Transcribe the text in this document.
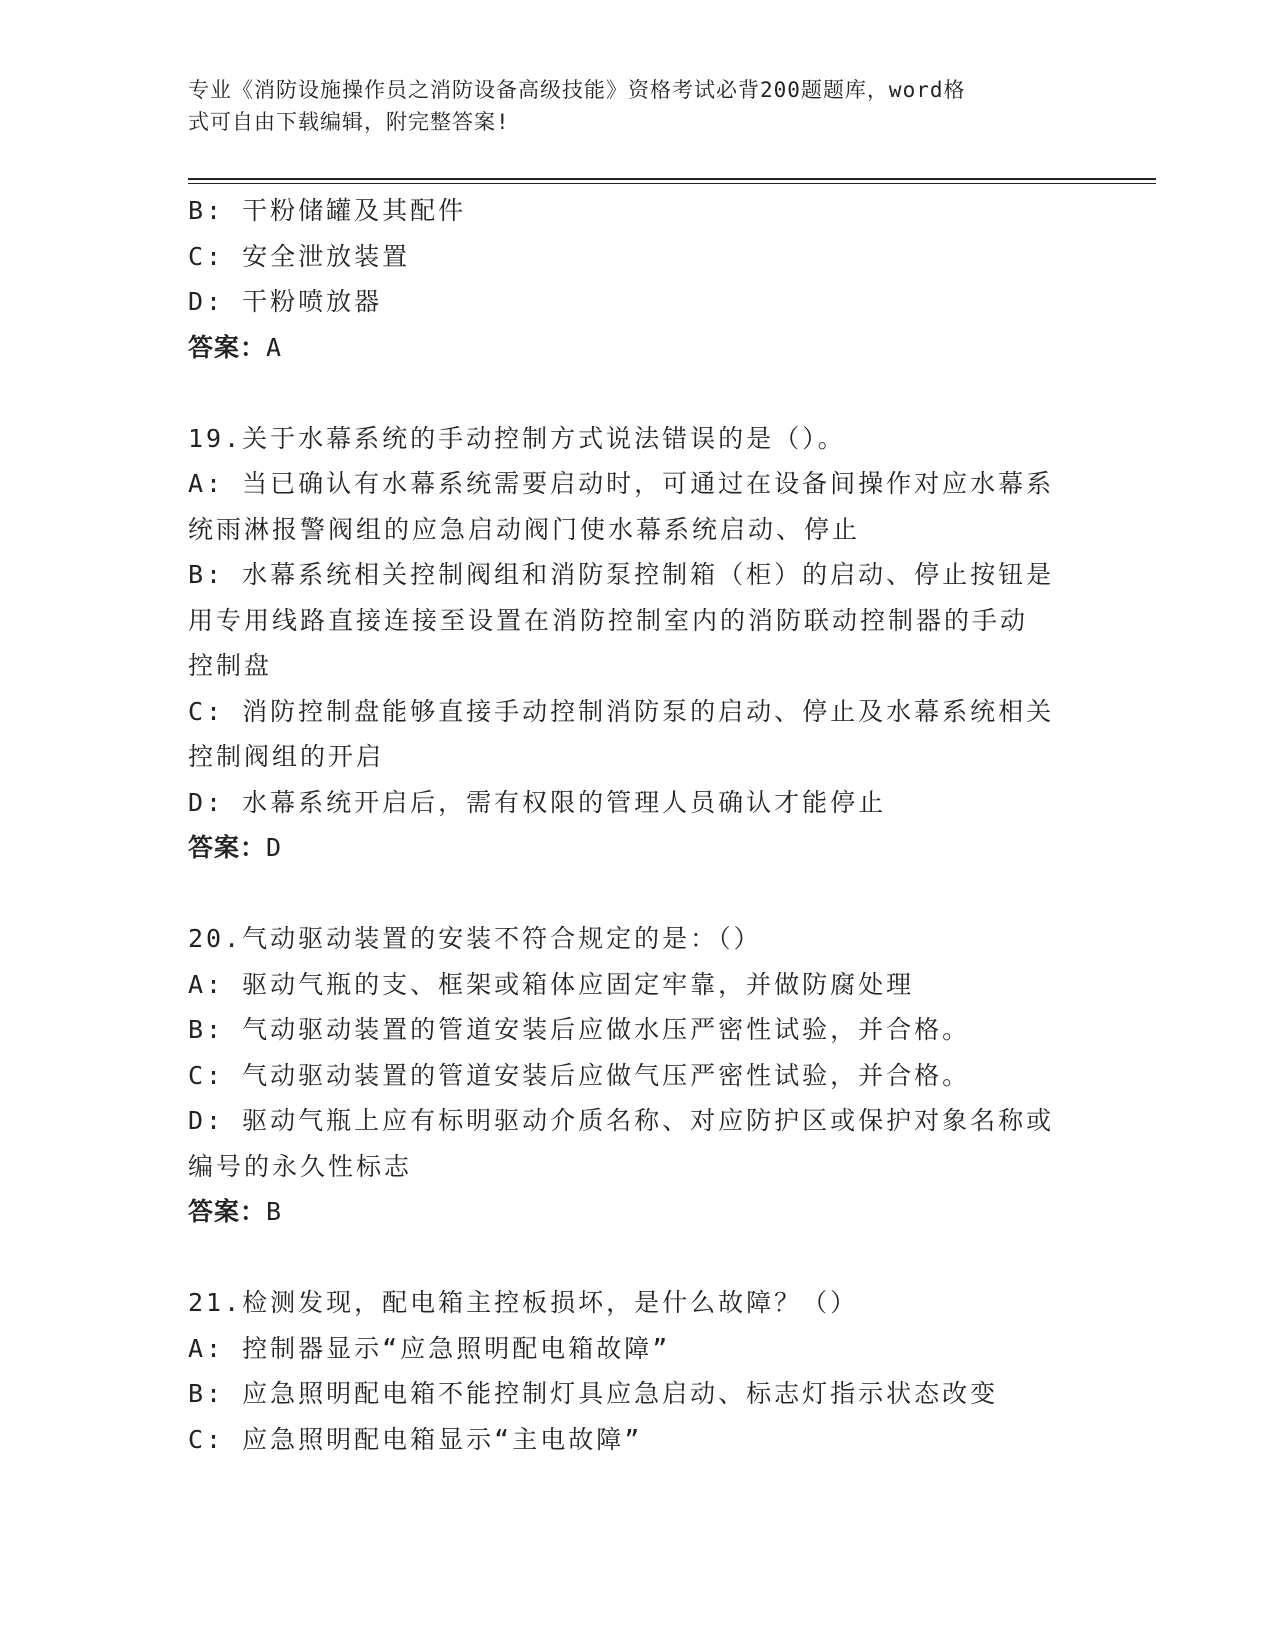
专业《消防设施操作员之消防设备高级技能》资格考试必背200题题库，word格
式可自由下载编辑，附完整答案!
B: 干粉储罐及其配件
C: 安全泄放装置
D: 干粉喷放器
答案：A
19.关于水幕系统的手动控制方式说法错误的是（）。
A: 当已确认有水幕系统需要启动时，可通过在设备间操作对应水幕系
统雨淋报警阀组的应急启动阀门使水幕系统启动、停止
B: 水幕系统相关控制阀组和消防泵控制箱（柜）的启动、停止按钮是
用专用线路直接连接至设置在消防控制室内的消防联动控制器的手动
控制盘
C: 消防控制盘能够直接手动控制消防泵的启动、停止及水幕系统相关
控制阀组的开启
D: 水幕系统开启后，需有权限的管理人员确认才能停止
答案：D
20.气动驱动装置的安装不符合规定的是：（）
A: 驱动气瓶的支、框架或箱体应固定牢靠，并做防腐处理
B: 气动驱动装置的管道安装后应做水压严密性试验，并合格。
C: 气动驱动装置的管道安装后应做气压严密性试验，并合格。
D: 驱动气瓶上应有标明驱动介质名称、对应防护区或保护对象名称或
编号的永久性标志
答案：B
21.检测发现，配电箱主控板损坏，是什么故障？（）
A: 控制器显示“应急照明配电箱故障”
B: 应急照明配电箱不能控制灯具应急启动、标志灯指示状态改变
C: 应急照明配电箱显示“主电故障”
